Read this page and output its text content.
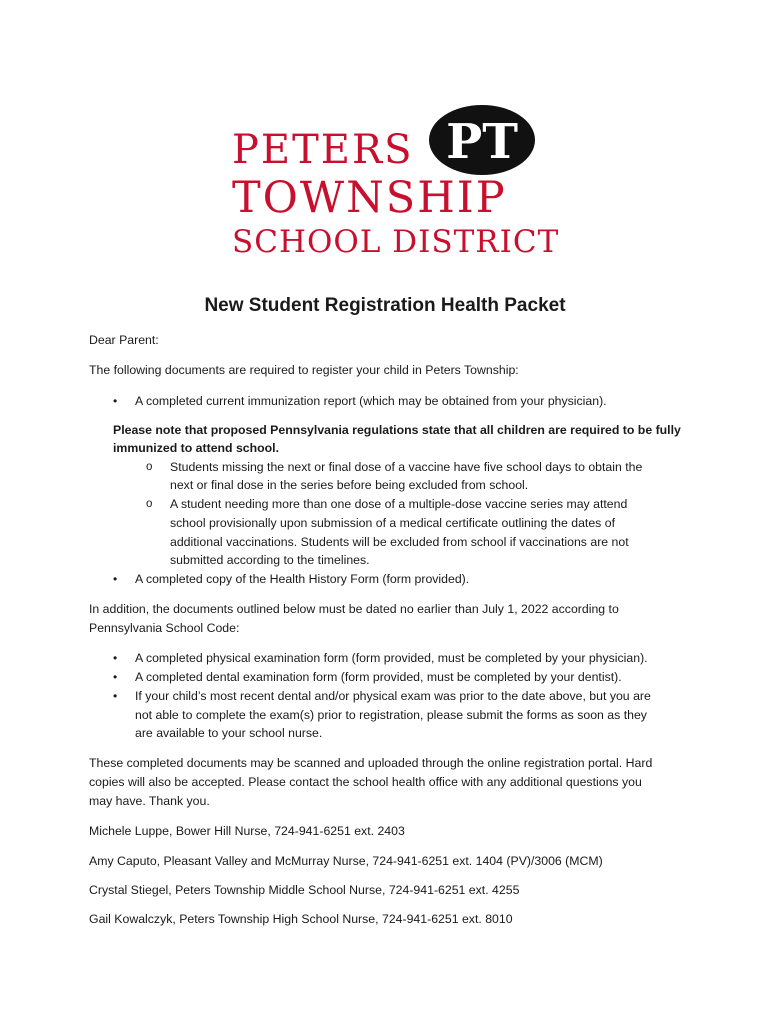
PETERS
TOWNSHIP
SCHOOL DISTRICT
PT
New Student Registration Health Packet
Dear Parent:
The following documents are required to register your child in Peters Township:
• A completed current immunization report (which may be obtained from your physician).
Please note that proposed Pennsylvania regulations state that all children are required to be fully
immunized to attend school.
o Students missing the next or final dose of a vaccine have five school days to obtain the
next or final dose in the series before being excluded from school.
o A student needing more than one dose of a multiple-dose vaccine series may attend
school provisionally upon submission of a medical certificate outlining the dates of
additional vaccinations. Students will be excluded from school if vaccinations are not
submitted according to the timelines.
• A completed copy of the Health History Form (form provided).
In addition, the documents outlined below must be dated no earlier than July 1, 2022 according to
Pennsylvania School Code:
• A completed physical examination form (form provided, must be completed by your physician).
• A completed dental examination form (form provided, must be completed by your dentist).
• If your child’s most recent dental and/or physical exam was prior to the date above, but you are
not able to complete the exam(s) prior to registration, please submit the forms as soon as they
are available to your school nurse.
These completed documents may be scanned and uploaded through the online registration portal. Hard
copies will also be accepted. Please contact the school health office with any additional questions you
may have. Thank you.
Michele Luppe, Bower Hill Nurse, 724-941-6251 ext. 2403
Amy Caputo, Pleasant Valley and McMurray Nurse, 724-941-6251 ext. 1404 (PV)/3006 (MCM)
Crystal Stiegel, Peters Township Middle School Nurse, 724-941-6251 ext. 4255
Gail Kowalczyk, Peters Township High School Nurse, 724-941-6251 ext. 8010
